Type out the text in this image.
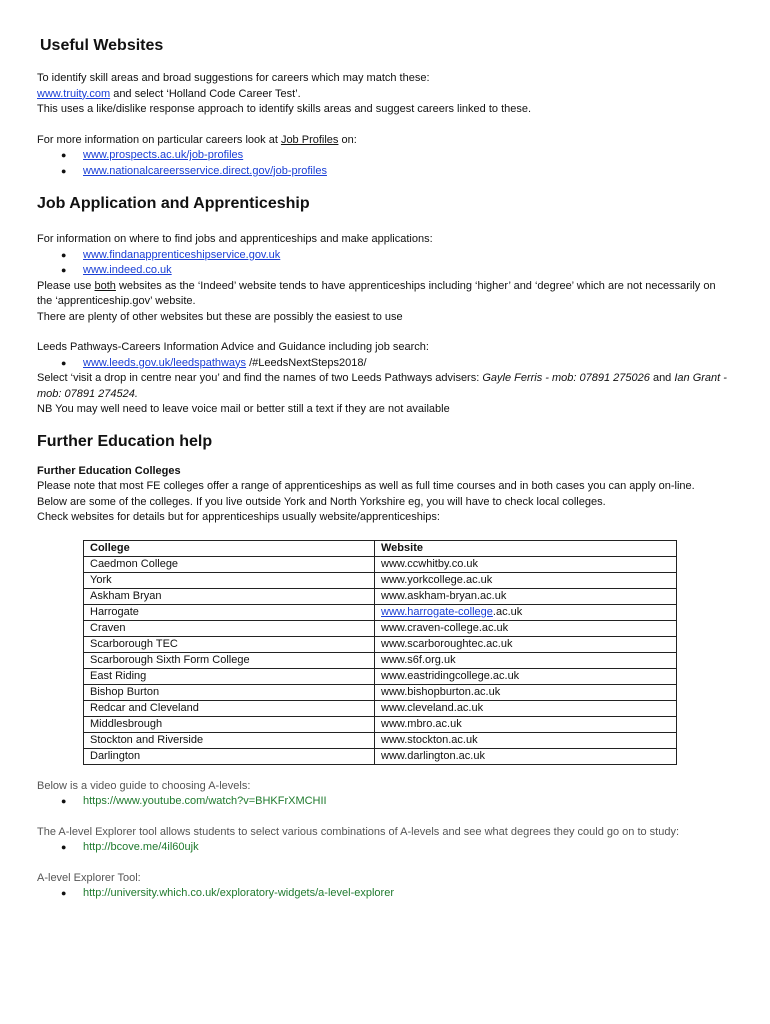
Useful Websites

To identify skill areas and broad suggestions for careers which may match these:

www.truity.com and select ‘Holland Code Career Test’.

This uses a like/dislike response approach to identify skills areas and suggest careers linked to these.

For more information on particular careers look at Job Profiles on:

● www.prospects.ac.uk/job-profiles
● www.nationalcareersservice.direct.gov/job-profiles
Job Application and Apprenticeship

For information on where to find jobs and apprenticeships and make applications:

● www.findanapprenticeshipservice.gov.uk
● www.indeed.co.uk

Please use both websites as the ‘Indeed’ website tends to have apprenticeships including ‘higher’ and ‘degree’ which are not necessarily on the ‘apprenticeship.gov’ website.

There are plenty of other websites but these are possibly the easiest to use

Leeds Pathways-Careers Information Advice and Guidance including job search:

● www.leeds.gov.uk/leedspathways /#LeedsNextSteps2018/

Select ‘visit a drop in centre near you’ and find the names of two Leeds Pathways advisers: Gayle Ferris - mob: 07891 275026 and Ian Grant - mob: 07891 274524.

NB You may well need to leave voice mail or better still a text if they are not available

Further Education help

Further Education Colleges

Please note that most FE colleges offer a range of apprenticeships as well as full time courses and in both cases you can apply on-line.

Below are some of the colleges. If you live outside York and North Yorkshire eg, you will have to check local colleges.

Check websites for details but for apprenticeships usually website/apprenticeships:

College	Website
Caedmon College	www.ccwhitby.co.uk
York	www.yorkcollege.ac.uk
Askham Bryan	www.askham-bryan.ac.uk
Harrogate	www.harrogate-college.ac.uk
Craven	www.craven-college.ac.uk
Scarborough TEC	www.scarboroughtec.ac.uk
Scarborough Sixth Form College	www.s6f.org.uk
East Riding	www.eastridingcollege.ac.uk
Bishop Burton	www.bishopburton.ac.uk
Redcar and Cleveland	www.cleveland.ac.uk
Middlesbrough	www.mbro.ac.uk
Stockton and Riverside	www.stockton.ac.uk
Darlington	www.darlington.ac.uk

Below is a video guide to choosing A-levels:

● https://www.youtube.com/watch?v=BHKFrXMCHII

The A-level Explorer tool allows students to select various combinations of A-levels and see what degrees they could go on to study:

● http://bcove.me/4il60ujk

A-level Explorer Tool:

● http://university.which.co.uk/exploratory-widgets/a-level-explorer
